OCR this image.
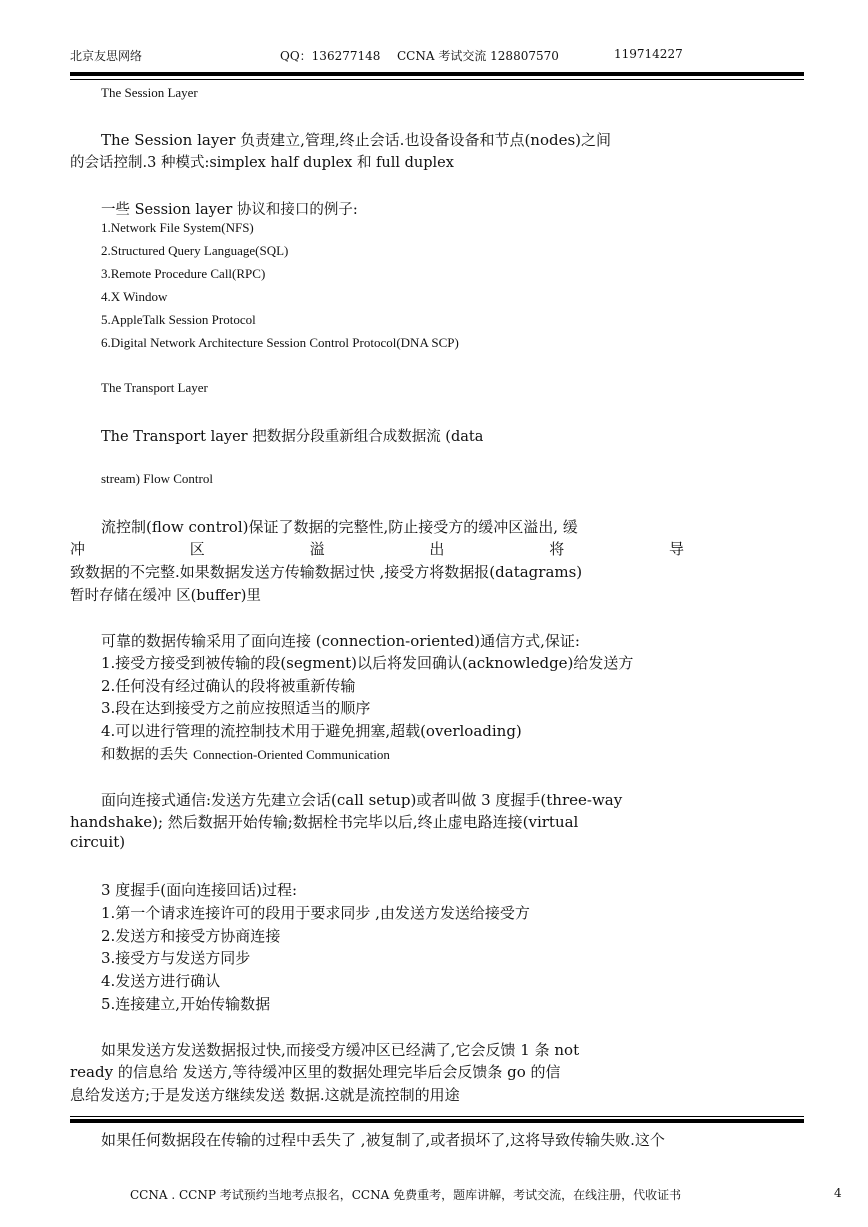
北京友思网络	QQ：136277148 CCNA 考试交流 128807570	119714227
The Session Layer
The Session layer 负责建立,管理,终止会话.也设备设备和节点(nodes)之间
的会话控制.3 种模式:simplex half duplex 和 full duplex
一些 Session layer 协议和接口的例子:
1.Network File System(NFS)
2.Structured Query Language(SQL)
3.Remote Procedure Call(RPC)
4.X Window
5.AppleTalk Session Protocol
6.Digital Network Architecture Session Control Protocol(DNA SCP)
The Transport Layer
The Transport layer 把数据分段重新组合成数据流 (data
stream) Flow Control
流控制(flow control)保证了数据的完整性,防止接受方的缓冲区溢出, 缓
冲	区	溢	出	将	导
致数据的不完整.如果数据发送方传输数据过快 ,接受方将数据报(datagrams)
暂时存储在缓冲 区(buffer)里
可靠的数据传输采用了面向连接 (connection-oriented)通信方式,保证:
1.接受方接受到被传输的段(segment)以后将发回确认(acknowledge)给发送方
2.任何没有经过确认的段将被重新传输
3.段在达到接受方之前应按照适当的顺序
4.可以进行管理的流控制技术用于避免拥塞,超载(overloading)
和数据的丢失 Connection-Oriented Communication
面向连接式通信:发送方先建立会话(call setup)或者叫做 3 度握手(three-way
handshake); 然后数据开始传输;数据栓书完毕以后,终止虚电路连接(virtual
circuit)
3 度握手(面向连接回话)过程:
1.第一个请求连接许可的段用于要求同步 ,由发送方发送给接受方
2.发送方和接受方协商连接
3.接受方与发送方同步
4.发送方进行确认
5.连接建立,开始传输数据
如果发送方发送数据报过快,而接受方缓冲区已经满了,它会反馈 1 条 not
ready 的信息给 发送方,等待缓冲区里的数据处理完毕后会反馈条 go 的信
息给发送方;于是发送方继续发送 数据.这就是流控制的用途
如果任何数据段在传输的过程中丢失了 ,被复制了,或者损坏了,这将导致传输失败.这个
CCNA . CCNP 考试预约当地考点报名，CCNA 免费重考，题库讲解，考试交流，在线注册，代收证书	4
